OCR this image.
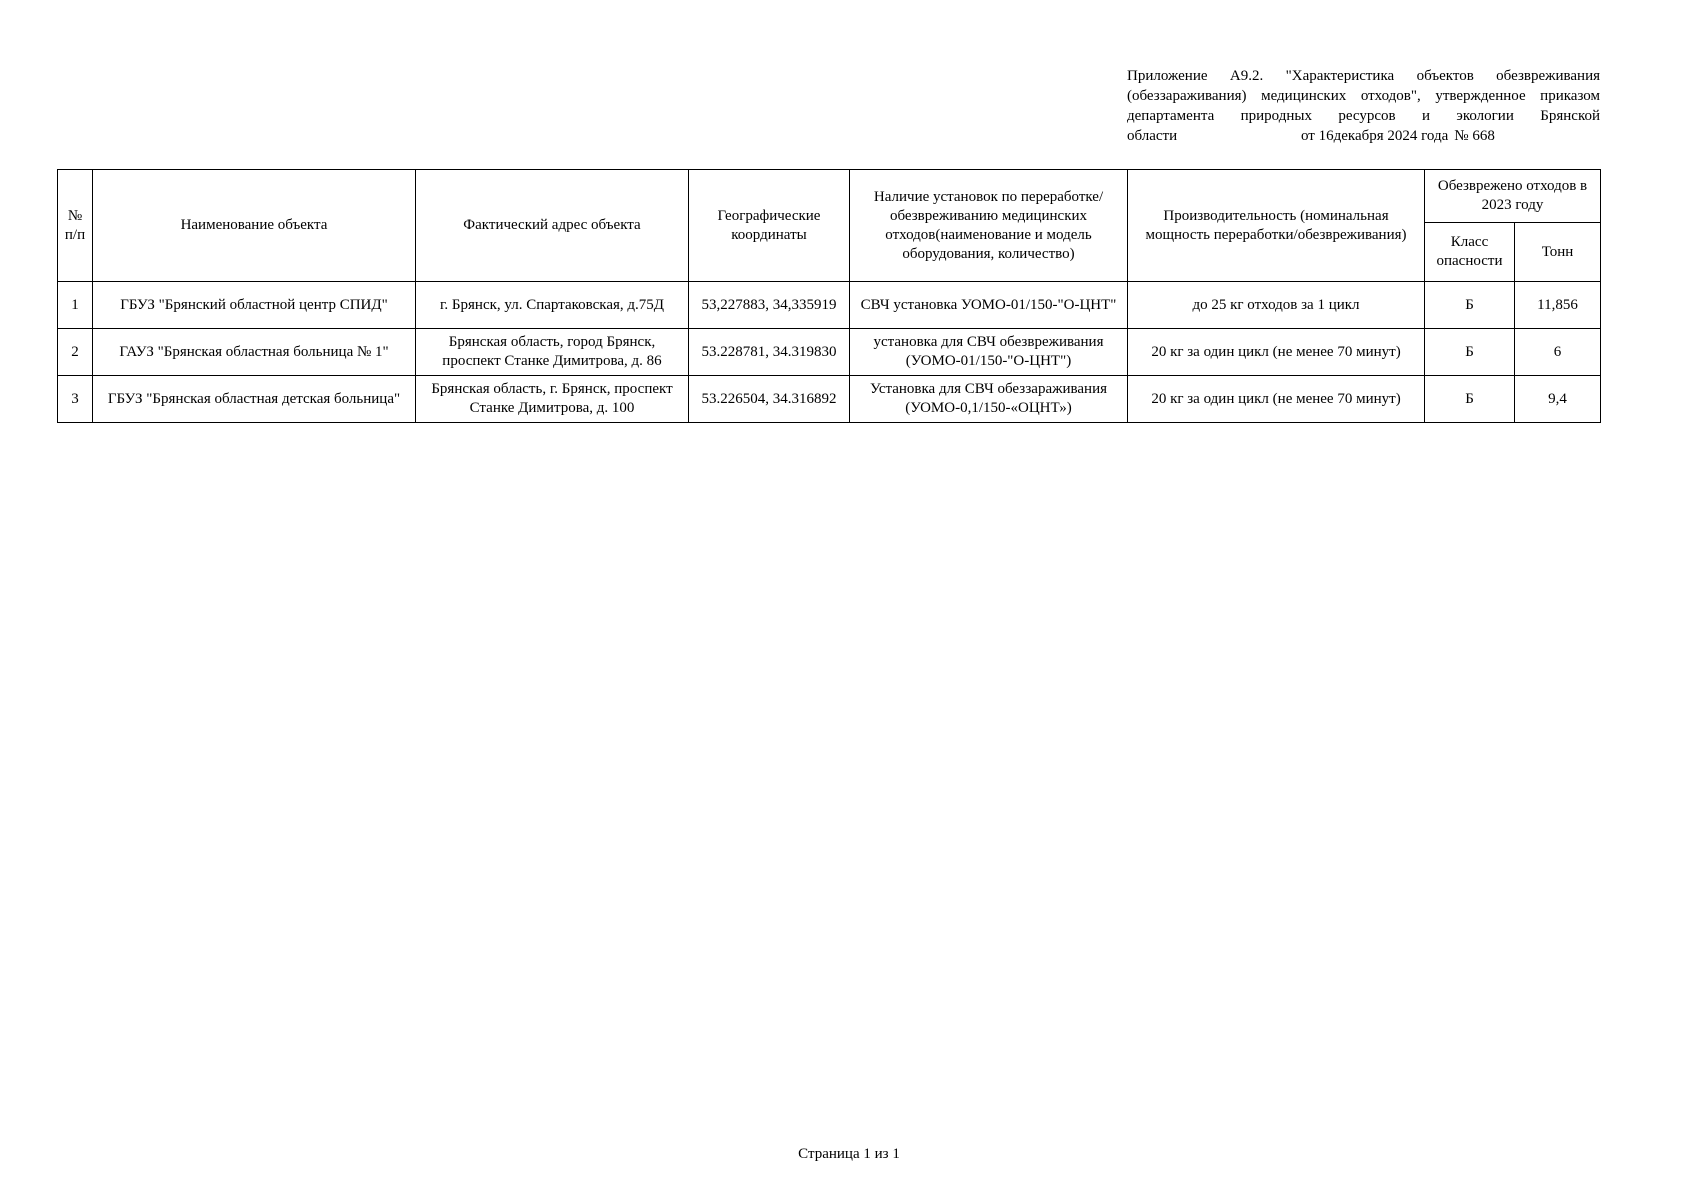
Приложение А9.2. "Характеристика объектов обезвреживания (обеззараживания) медицинских отходов", утвержденное приказом департамента природных ресурсов и экологии Брянской
области	от 16декабря 2024 года № 668
№ п/п	Наименование объекта	Фактический адрес объекта	Географические координаты	Наличие установок по переработке/обезвреживанию медицинских отходов(наименование и модель оборудования, количество)	Производительность (номинальная мощность переработки/обезвреживания)	Обезврежено отходов в 2023 году	
						Класс опасности	Тонн
1	ГБУЗ "Брянский областной центр СПИД"	г. Брянск, ул. Спартаковская, д.75Д	53,227883, 34,335919	СВЧ установка УОМО-01/150-"О-ЦНТ"	до 25 кг отходов за 1 цикл	Б	11,856
2	ГАУЗ "Брянская областная больница № 1"	Брянская область, город Брянск, проспект Станке Димитрова, д. 86	53.228781, 34.319830	установка для СВЧ обезвреживания (УОМО-01/150-"О-ЦНТ")	20 кг за один цикл (не менее 70 минут)	Б	6
3	ГБУЗ "Брянская областная детская больница"	Брянская область, г. Брянск, проспект Станке Димитрова, д. 100	53.226504, 34.316892	Установка для СВЧ обеззараживания (УОМО-0,1/150-«ОЦНТ»)	20 кг за один цикл (не менее 70 минут)	Б	9,4
Страница 1 из 1
